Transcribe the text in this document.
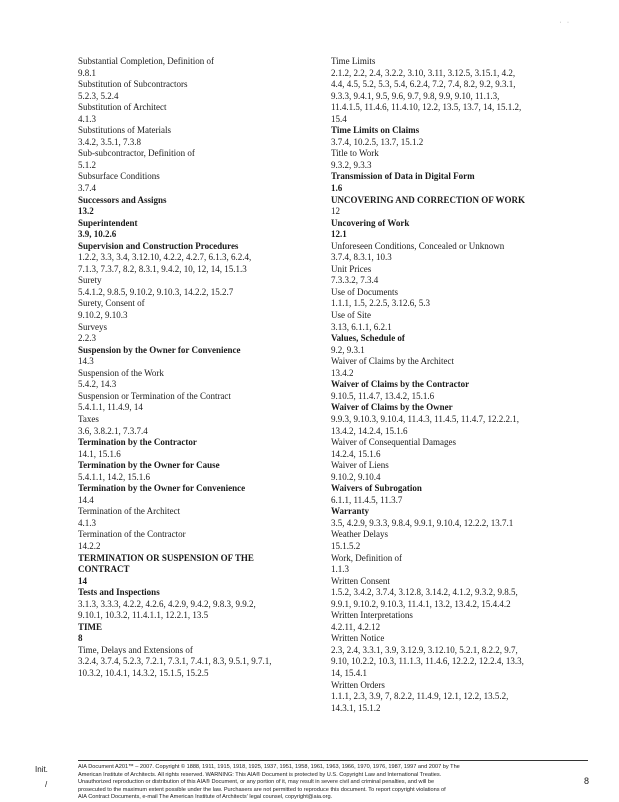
· ·
Substantial Completion, Definition of
9.8.1
Substitution of Subcontractors
5.2.3, 5.2.4
Substitution of Architect
4.1.3
Substitutions of Materials
3.4.2, 3.5.1, 7.3.8
Sub-subcontractor, Definition of
5.1.2
Subsurface Conditions
3.7.4
Successors and Assigns
13.2
Superintendent
3.9, 10.2.6
Supervision and Construction Procedures
1.2.2, 3.3, 3.4, 3.12.10, 4.2.2, 4.2.7, 6.1.3, 6.2.4,
7.1.3, 7.3.7, 8.2, 8.3.1, 9.4.2, 10, 12, 14, 15.1.3
Surety
5.4.1.2, 9.8.5, 9.10.2, 9.10.3, 14.2.2, 15.2.7
Surety, Consent of
9.10.2, 9.10.3
Surveys
2.2.3
Suspension by the Owner for Convenience
14.3
Suspension of the Work
5.4.2, 14.3
Suspension or Termination of the Contract
5.4.1.1, 11.4.9, 14
Taxes
3.6, 3.8.2.1, 7.3.7.4
Termination by the Contractor
14.1, 15.1.6
Termination by the Owner for Cause
5.4.1.1, 14.2, 15.1.6
Termination by the Owner for Convenience
14.4
Termination of the Architect
4.1.3
Termination of the Contractor
14.2.2
TERMINATION OR SUSPENSION OF THE
CONTRACT
14
Tests and Inspections
3.1.3, 3.3.3, 4.2.2, 4.2.6, 4.2.9, 9.4.2, 9.8.3, 9.9.2,
9.10.1, 10.3.2, 11.4.1.1, 12.2.1, 13.5
TIME
8
Time, Delays and Extensions of
3.2.4, 3.7.4, 5.2.3, 7.2.1, 7.3.1, 7.4.1, 8.3, 9.5.1, 9.7.1,
10.3.2, 10.4.1, 14.3.2, 15.1.5, 15.2.5
Time Limits
2.1.2, 2.2, 2.4, 3.2.2, 3.10, 3.11, 3.12.5, 3.15.1, 4.2,
4.4, 4.5, 5.2, 5.3, 5.4, 6.2.4, 7.2, 7.4, 8.2, 9.2, 9.3.1,
9.3.3, 9.4.1, 9.5, 9.6, 9.7, 9.8, 9.9, 9.10, 11.1.3,
11.4.1.5, 11.4.6, 11.4.10, 12.2, 13.5, 13.7, 14, 15.1.2,
15.4
Time Limits on Claims
3.7.4, 10.2.5, 13.7, 15.1.2
Title to Work
9.3.2, 9.3.3
Transmission of Data in Digital Form
1.6
UNCOVERING AND CORRECTION OF WORK
12
Uncovering of Work
12.1
Unforeseen Conditions, Concealed or Unknown
3.7.4, 8.3.1, 10.3
Unit Prices
7.3.3.2, 7.3.4
Use of Documents
1.1.1, 1.5, 2.2.5, 3.12.6, 5.3
Use of Site
3.13, 6.1.1, 6.2.1
Values, Schedule of
9.2, 9.3.1
Waiver of Claims by the Architect
13.4.2
Waiver of Claims by the Contractor
9.10.5, 11.4.7, 13.4.2, 15.1.6
Waiver of Claims by the Owner
9.9.3, 9.10.3, 9.10.4, 11.4.3, 11.4.5, 11.4.7, 12.2.2.1,
13.4.2, 14.2.4, 15.1.6
Waiver of Consequential Damages
14.2.4, 15.1.6
Waiver of Liens
9.10.2, 9.10.4
Waivers of Subrogation
6.1.1, 11.4.5, 11.3.7
Warranty
3.5, 4.2.9, 9.3.3, 9.8.4, 9.9.1, 9.10.4, 12.2.2, 13.7.1
Weather Delays
15.1.5.2
Work, Definition of
1.1.3
Written Consent
1.5.2, 3.4.2, 3.7.4, 3.12.8, 3.14.2, 4.1.2, 9.3.2, 9.8.5,
9.9.1, 9.10.2, 9.10.3, 11.4.1, 13.2, 13.4.2, 15.4.4.2
Written Interpretations
4.2.11, 4.2.12
Written Notice
2.3, 2.4, 3.3.1, 3.9, 3.12.9, 3.12.10, 5.2.1, 8.2.2, 9.7,
9.10, 10.2.2, 10.3, 11.1.3, 11.4.6, 12.2.2, 12.2.4, 13.3,
14, 15.4.1
Written Orders
1.1.1, 2.3, 3.9, 7, 8.2.2, 11.4.9, 12.1, 12.2, 13.5.2,
14.3.1, 15.1.2
Init.
/
AIA Document A201™ – 2007. Copyright © 1888, 1911, 1915, 1918, 1925, 1937, 1951, 1958, 1961, 1963, 1966, 1970, 1976, 1987, 1997 and 2007 by The
American Institute of Architects. All rights reserved. WARNING: This AIA® Document is protected by U.S. Copyright Law and International Treaties.
Unauthorized reproduction or distribution of this AIA® Document, or any portion of it, may result in severe civil and criminal penalties, and will be
prosecuted to the maximum extent possible under the law. Purchasers are not permitted to reproduce this document. To report copyright violations of
AIA Contract Documents, e-mail The American Institute of Architects' legal counsel, copyright@aia.org.
8
